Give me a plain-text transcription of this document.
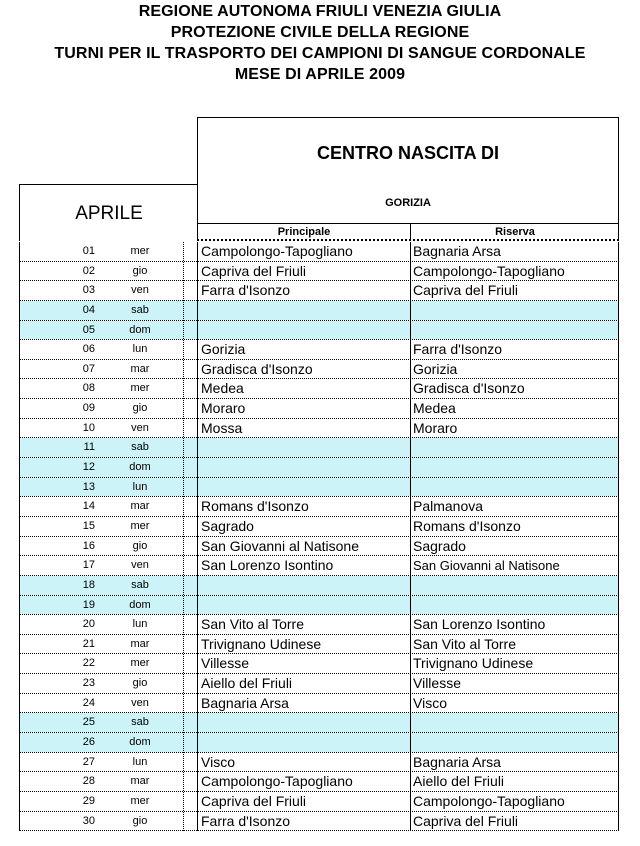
REGIONE AUTONOMA FRIULI VENEZIA GIULIA
PROTEZIONE CIVILE DELLA REGIONE
TURNI PER IL TRASPORTO DEI CAMPIONI DI SANGUE CORDONALE
MESE DI APRILE 2009
CENTRO NASCITA DI
GORIZIA
APRILE
Principale	Riserva
01	mer	Campolongo-Tapogliano	Bagnaria Arsa
02	gio	Capriva del Friuli	Campolongo-Tapogliano
03	ven	Farra d'Isonzo	Capriva del Friuli
04	sab
05	dom
06	lun	Gorizia	Farra d'Isonzo
07	mar	Gradisca d'Isonzo	Gorizia
08	mer	Medea	Gradisca d'Isonzo
09	gio	Moraro	Medea
10	ven	Mossa	Moraro
11	sab
12	dom
13	lun
14	mar	Romans d'Isonzo	Palmanova
15	mer	Sagrado	Romans d'Isonzo
16	gio	San Giovanni al Natisone	Sagrado
17	ven	San Lorenzo Isontino	San Giovanni al Natisone
18	sab
19	dom
20	lun	San Vito al Torre	San Lorenzo Isontino
21	mar	Trivignano Udinese	San Vito al Torre
22	mer	Villesse	Trivignano Udinese
23	gio	Aiello del Friuli	Villesse
24	ven	Bagnaria Arsa	Visco
25	sab
26	dom
27	lun	Visco	Bagnaria Arsa
28	mar	Campolongo-Tapogliano	Aiello del Friuli
29	mer	Capriva del Friuli	Campolongo-Tapogliano
30	gio	Farra d'Isonzo	Capriva del Friuli
